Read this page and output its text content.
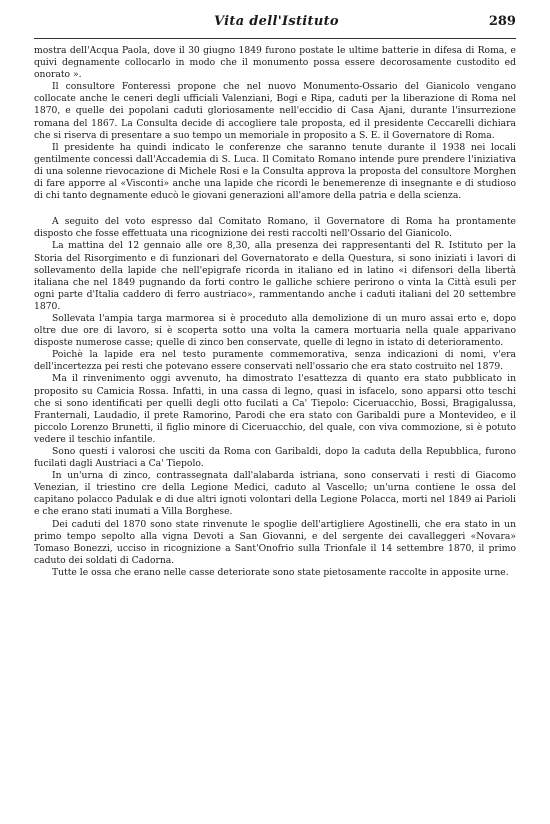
Vita dell'Istituto	289

mostra dell'Acqua Paola, dove il 30 giugno 1849 furono postate le ultime batterie in difesa di Roma, e quivi degnamente collocarlo in modo che il monumento possa essere decorosamente custodito ed onorato ».

Il consultore Fonteressi propone che nel nuovo Monumento-Ossario del Gianicolo vengano collocate anche le ceneri degli ufficiali Valenziani, Bogi e Ripa, caduti per la liberazione di Roma nel 1870, e quelle dei popolani caduti gloriosamente nell'eccidio di Casa Ajani, durante l'insurrezione romana del 1867. La Consulta decide di accogliere tale proposta, ed il presidente Ceccarelli dichiara che si riserva di presentare a suo tempo un memoriale in proposito a S. E. il Governatore di Roma.

Il presidente ha quindi indicato le conferenze che saranno tenute durante il 1938 nei locali gentilmente concessi dall'Accademia di S. Luca. Il Comitato Romano intende pure prendere l'iniziativa di una solenne rievocazione di Michele Rosi e la Consulta approva la proposta del consultore Morghen di fare apporre al «Visconti» anche una lapide che ricordi le benemerenze di insegnante e di studioso di chi tanto degnamente educò le giovani generazioni all'amore della patria e della scienza.

A seguito del voto espresso dal Comitato Romano, il Governatore di Roma ha prontamente disposto che fosse effettuata una ricognizione dei resti raccolti nell'Ossario del Gianicolo.

La mattina del 12 gennaio alle ore 8,30, alla presenza dei rappresentanti del R. Istituto per la Storia del Risorgimento e di funzionari del Governatorato e della Questura, si sono iniziati i lavori di sollevamento della lapide che nell'epigrafe ricorda in italiano ed in latino «i difensori della libertà italiana che nel 1849 pugnando da forti contro le galliche schiere perirono o vinta la Città esuli per ogni parte d'Italia caddero di ferro austriaco», rammentando anche i caduti italiani del 20 settembre 1870.

Sollevata l'ampia targa marmorea si è proceduto alla demolizione di un muro assai erto e, dopo oltre due ore di lavoro, si è scoperta sotto una volta la camera mortuaria nella quale apparivano disposte numerose casse; quelle di zinco ben conservate, quelle di legno in istato di deterioramento.

Poichè la lapide era nel testo puramente commemorativa, senza indicazioni di nomi, v'era dell'incertezza pei resti che potevano essere conservati nell'ossario che era stato costruito nel 1879.

Ma il rinvenimento oggi avvenuto, ha dimostrato l'esattezza di quanto era stato pubblicato in proposito su Camicia Rossa. Infatti, in una cassa di legno, quasi in isfacelo, sono apparsi otto teschi che si sono identificati per quelli degli otto fucilati a Ca' Tiepolo: Ciceruacchio, Bossi, Bragigalussa, Franternali, Laudadio, il prete Ramorino, Parodi che era stato con Garibaldi pure a Montevideo, e il piccolo Lorenzo Brunetti, il figlio minore di Ciceruacchio, del quale, con viva commozione, si è potuto vedere il teschio infantile.

Sono questi i valorosi che usciti da Roma con Garibaldi, dopo la caduta della Repubblica, furono fucilati dagli Austriaci a Ca' Tiepolo.

In un'urna di zinco, contrassegnata dall'alabarda istriana, sono conservati i resti di Giacomo Venezian, il triestino cre della Legione Medici, caduto al Vascello; un'urna contiene le ossa del capitano polacco Padulak e di due altri ignoti volontari della Legione Polacca, morti nel 1849 ai Parioli e che erano stati inumati a Villa Borghese.

Dei caduti del 1870 sono state rinvenute le spoglie dell'artigliere Agostinelli, che era stato in un primo tempo sepolto alla vigna Devoti a San Giovanni, e del sergente dei cavalleggeri «Novara» Tomaso Bonezzi, ucciso in ricognizione a Sant'Onofrio sulla Trionfale il 14 settembre 1870, il primo caduto dei soldati di Cadorna.

Tutte le ossa che erano nelle casse deteriorate sono state pietosamente raccolte in apposite urne.
